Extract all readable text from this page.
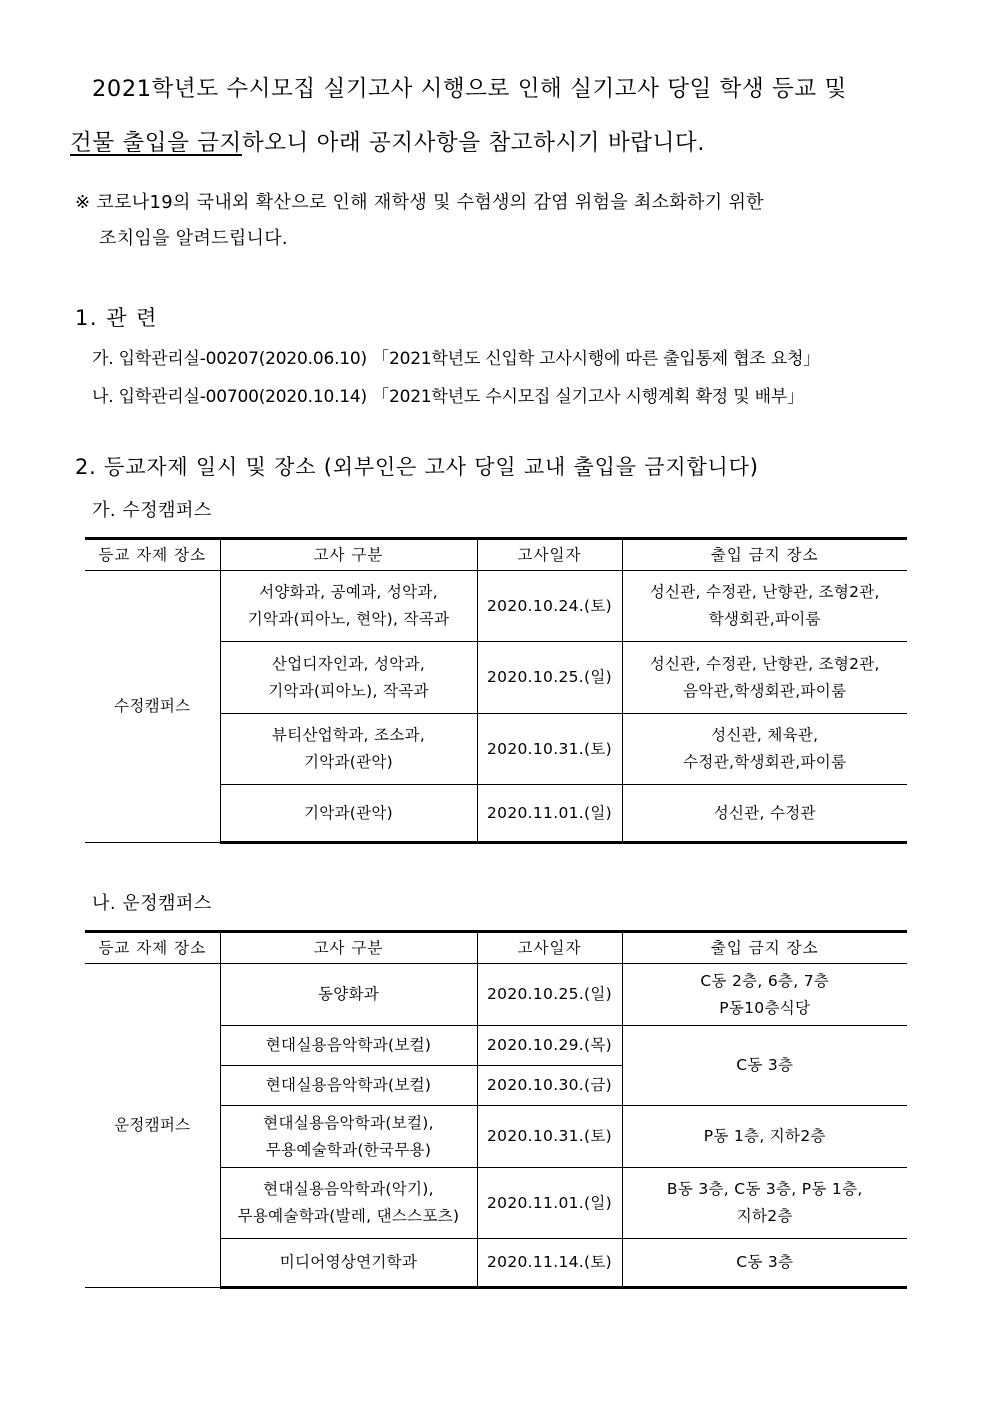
2021학년도 수시모집 실기고사 시행으로 인해 실기고사 당일 학생 등교 및
건물 출입을 금지하오니 아래 공지사항을 참고하시기 바랍니다.
※ 코로나19의 국내외 확산으로 인해 재학생 및 수험생의 감염 위험을 최소화하기 위한
조치임을 알려드립니다.
1. 관 련
가. 입학관리실-00207(2020.06.10) 「2021학년도 신입학 고사시행에 따른 출입통제 협조 요청」
나. 입학관리실-00700(2020.10.14) 「2021학년도 수시모집 실기고사 시행계획 확정 및 배부」
2. 등교자제 일시 및 장소 (외부인은 고사 당일 교내 출입을 금지합니다)
가. 수정캠퍼스
등교 자제 장소	고사 구분	고사일자	출입 금지 장소
수정캠퍼스	서양화과, 공예과, 성악과,
기악과(피아노, 현악), 작곡과	2020.10.24.(토)	성신관, 수정관, 난향관, 조형2관,
학생회관,파이룸
	산업디자인과, 성악과,
기악과(피아노), 작곡과	2020.10.25.(일)	성신관, 수정관, 난향관, 조형2관,
음악관,학생회관,파이룸
	뷰티산업학과, 조소과,
기악과(관악)	2020.10.31.(토)	성신관, 체육관,
수정관,학생회관,파이룸
	기악과(관악)	2020.11.01.(일)	성신관, 수정관
나. 운정캠퍼스
등교 자제 장소	고사 구분	고사일자	출입 금지 장소
운정캠퍼스	동양화과	2020.10.25.(일)	C동 2층, 6층, 7층
P동10층식당
	현대실용음악학과(보컬)	2020.10.29.(목)	C동 3층
	현대실용음악학과(보컬)	2020.10.30.(금)	
	현대실용음악학과(보컬),
무용예술학과(한국무용)	2020.10.31.(토)	P동 1층, 지하2층
	현대실용음악학과(악기),
무용예술학과(발레, 댄스스포츠)	2020.11.01.(일)	B동 3층, C동 3층, P동 1층,
지하2층
	미디어영상연기학과	2020.11.14.(토)	C동 3층
